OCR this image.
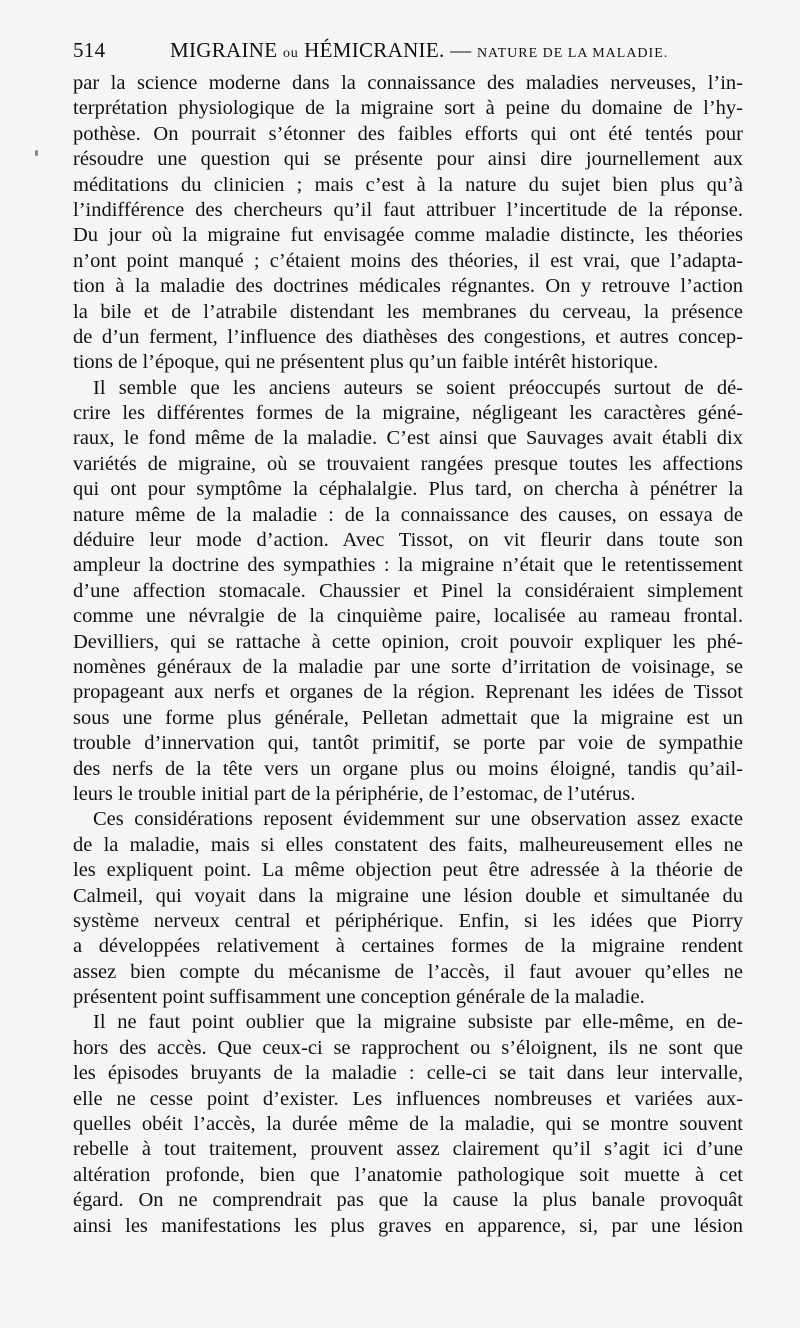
514	MIGRAINE ou HÉMICRANIE. — NATURE DE LA MALADIE.
par la science moderne dans la connaissance des maladies nerveuses, l’in-
terprétation physiologique de la migraine sort à peine du domaine de l’hy-
pothèse. On pourrait s’étonner des faibles efforts qui ont été tentés pour
résoudre une question qui se présente pour ainsi dire journellement aux
méditations du clinicien ; mais c’est à la nature du sujet bien plus qu’à
l’indifférence des chercheurs qu’il faut attribuer l’incertitude de la réponse.
Du jour où la migraine fut envisagée comme maladie distincte, les théories
n’ont point manqué ; c’étaient moins des théories, il est vrai, que l’adapta-
tion à la maladie des doctrines médicales régnantes. On y retrouve l’action
la bile et de l’atrabile distendant les membranes du cerveau, la présence
de d’un ferment, l’influence des diathèses des congestions, et autres concep-
tions de l’époque, qui ne présentent plus qu’un faible intérêt historique.
Il semble que les anciens auteurs se soient préoccupés surtout de dé-
crire les différentes formes de la migraine, négligeant les caractères géné-
raux, le fond même de la maladie. C’est ainsi que Sauvages avait établi dix
variétés de migraine, où se trouvaient rangées presque toutes les affections
qui ont pour symptôme la céphalalgie. Plus tard, on chercha à pénétrer la
nature même de la maladie : de la connaissance des causes, on essaya de
déduire leur mode d’action. Avec Tissot, on vit fleurir dans toute son
ampleur la doctrine des sympathies : la migraine n’était que le retentissement
d’une affection stomacale. Chaussier et Pinel la considéraient simplement
comme une névralgie de la cinquième paire, localisée au rameau frontal.
Devilliers, qui se rattache à cette opinion, croit pouvoir expliquer les phé-
nomènes généraux de la maladie par une sorte d’irritation de voisinage, se
propageant aux nerfs et organes de la région. Reprenant les idées de Tissot
sous une forme plus générale, Pelletan admettait que la migraine est un
trouble d’innervation qui, tantôt primitif, se porte par voie de sympathie
des nerfs de la tête vers un organe plus ou moins éloigné, tandis qu’ail-
leurs le trouble initial part de la périphérie, de l’estomac, de l’utérus.
Ces considérations reposent évidemment sur une observation assez exacte
de la maladie, mais si elles constatent des faits, malheureusement elles ne
les expliquent point. La même objection peut être adressée à la théorie de
Calmeil, qui voyait dans la migraine une lésion double et simultanée du
système nerveux central et périphérique. Enfin, si les idées que Piorry
a développées relativement à certaines formes de la migraine rendent
assez bien compte du mécanisme de l’accès, il faut avouer qu’elles ne
présentent point suffisamment une conception générale de la maladie.
Il ne faut point oublier que la migraine subsiste par elle-même, en de-
hors des accès. Que ceux-ci se rapprochent ou s’éloignent, ils ne sont que
les épisodes bruyants de la maladie : celle-ci se tait dans leur intervalle,
elle ne cesse point d’exister. Les influences nombreuses et variées aux-
quelles obéit l’accès, la durée même de la maladie, qui se montre souvent
rebelle à tout traitement, prouvent assez clairement qu’il s’agit ici d’une
altération profonde, bien que l’anatomie pathologique soit muette à cet
égard. On ne comprendrait pas que la cause la plus banale provoquât
ainsi les manifestations les plus graves en apparence, si, par une lésion
